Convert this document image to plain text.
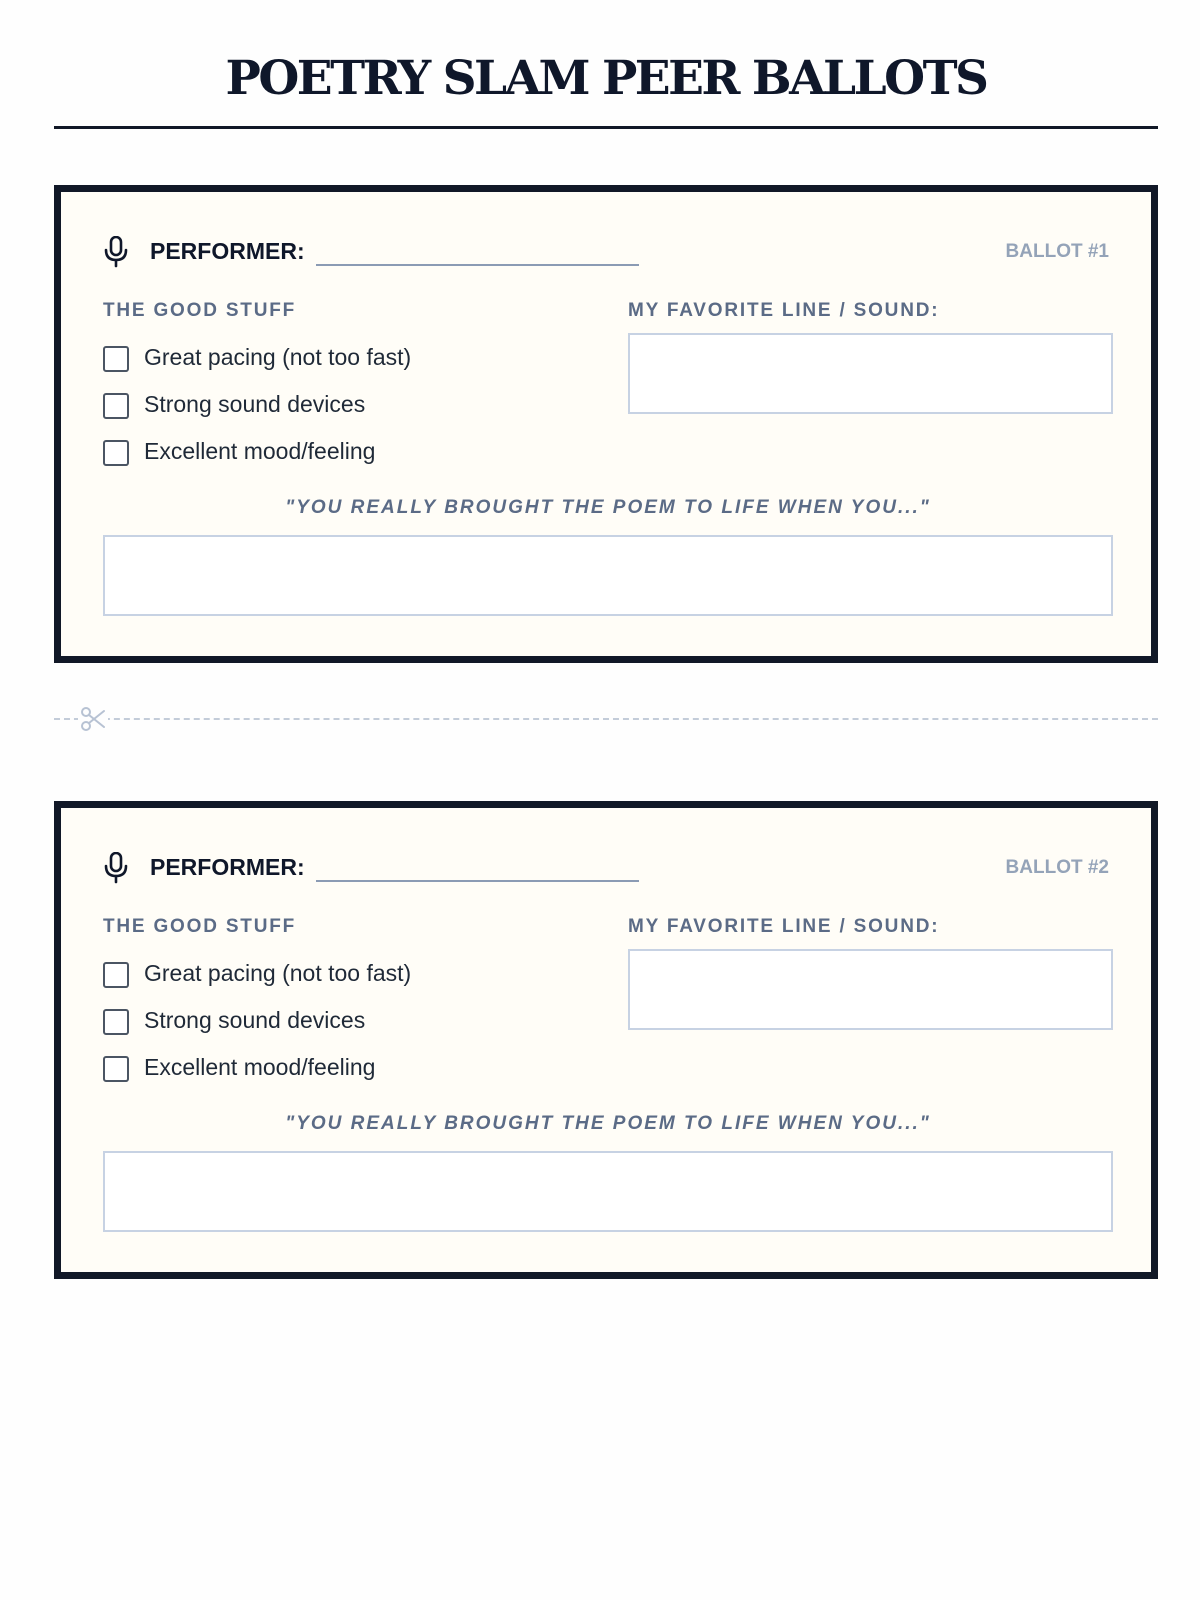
POETRY SLAM PEER BALLOTS
PERFORMER:	BALLOT #1
THE GOOD STUFF	MY FAVORITE LINE / SOUND:
Great pacing (not too fast)
Strong sound devices
Excellent mood/feeling
"YOU REALLY BROUGHT THE POEM TO LIFE WHEN YOU..."
PERFORMER:	BALLOT #2
THE GOOD STUFF	MY FAVORITE LINE / SOUND:
Great pacing (not too fast)
Strong sound devices
Excellent mood/feeling
"YOU REALLY BROUGHT THE POEM TO LIFE WHEN YOU..."
